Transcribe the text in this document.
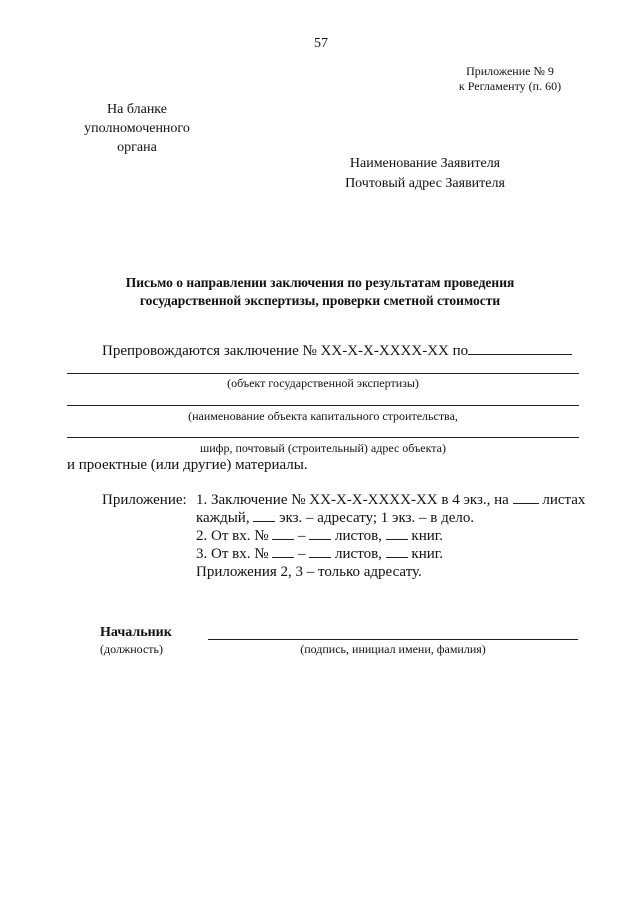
57
Приложение № 9
к Регламенту (п. 60)
На бланке
уполномоченного
органа
Наименование Заявителя
Почтовый адрес Заявителя
Письмо о направлении заключения по результатам проведения
государственной экспертизы, проверки сметной стоимости
Препровождаются заключение № ХХ-Х-Х-ХХХХ-ХХ по
(объект государственной экспертизы)
(наименование объекта капитального строительства,
шифр, почтовый (строительный) адрес объекта)
и проектные (или другие) материалы.
Приложение: 1. Заключение № ХХ-Х-Х-ХХХХ-ХХ в 4 экз., на листах
каждый, экз. – адресату; 1 экз. – в дело.
2. От вх. № – листов, книг.
3. От вх. № – листов, книг.
Приложения 2, 3 – только адресату.
Начальник
(должность)	(подпись, инициал имени, фамилия)
